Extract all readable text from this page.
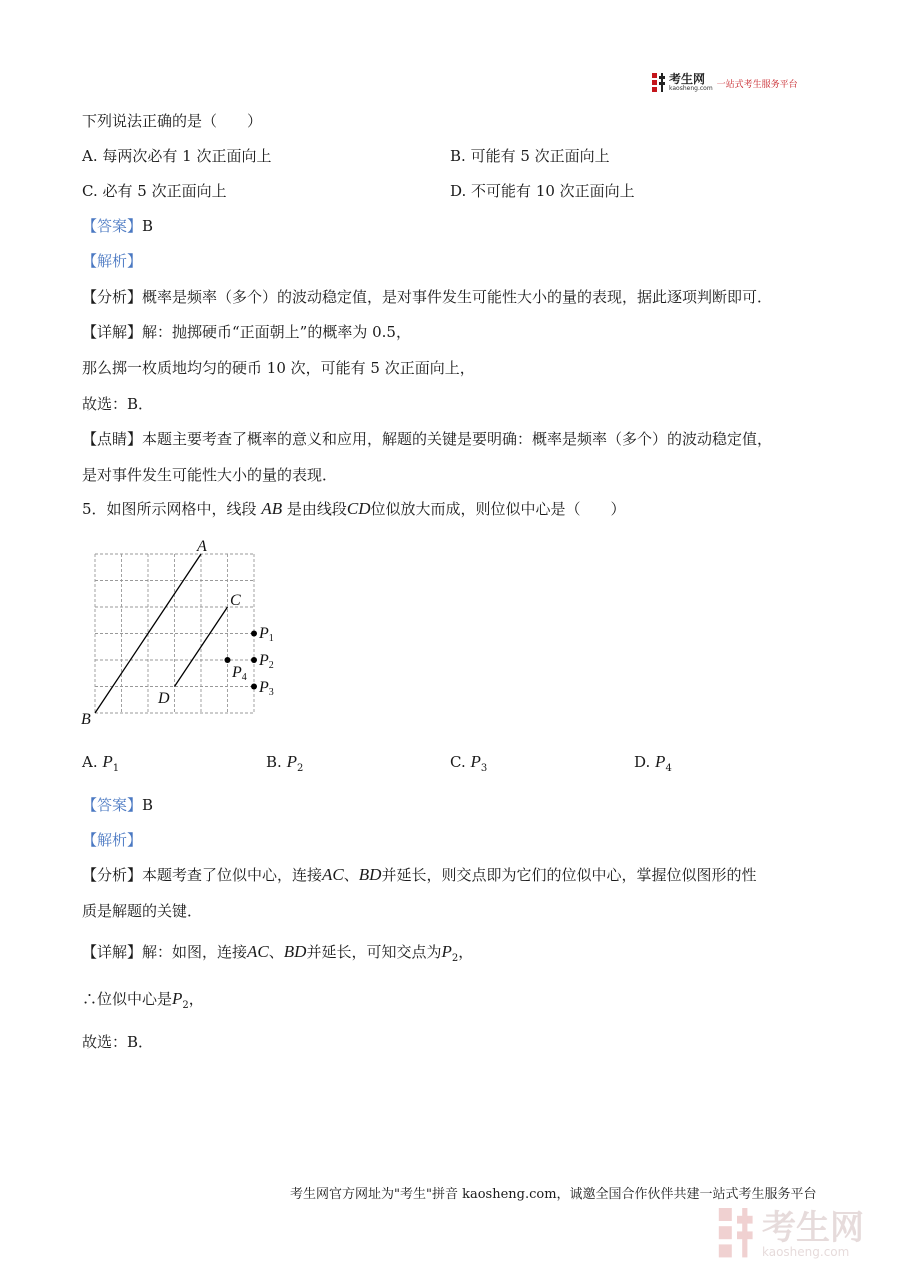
考生网
kaosheng.com 一站式考生服务平台
下列说法正确的是（　　）
A. 每两次必有 1 次正面向上	B. 可能有 5 次正面向上
C. 必有 5 次正面向上	D. 不可能有 10 次正面向上
【答案】B
【解析】
【分析】概率是频率（多个）的波动稳定值，是对事件发生可能性大小的量的表现，据此逐项判断即可．
【详解】解：抛掷硬币“正面朝上”的概率为 0.5，
那么掷一枚质地均匀的硬币 10 次，可能有 5 次正面向上，
故选：B．
【点睛】本题主要考查了概率的意义和应用，解题的关键是要明确：概率是频率（多个）的波动稳定值，
是对事件发生可能性大小的量的表现．
5．如图所示网格中，线段 AB 是由线段CD位似放大而成，则位似中心是（　　）
A
B
C
D
P1
P2
P3
P4
A. $P_1$	B. $P_2$	C. $P_3$	D. $P_4$
【答案】B
【解析】
【分析】本题考查了位似中心，连接AC、BD并延长，则交点即为它们的位似中心，掌握位似图形的性
质是解题的关键．
【详解】解：如图，连接AC、BD并延长，可知交点为$P_2$，
∴位似中心是$P_2$，
故选：B．
考生网官方网址为"考生"拼音 kaosheng.com，诚邀全国合作伙伴共建一站式考生服务平台
考生网
kaosheng.com
